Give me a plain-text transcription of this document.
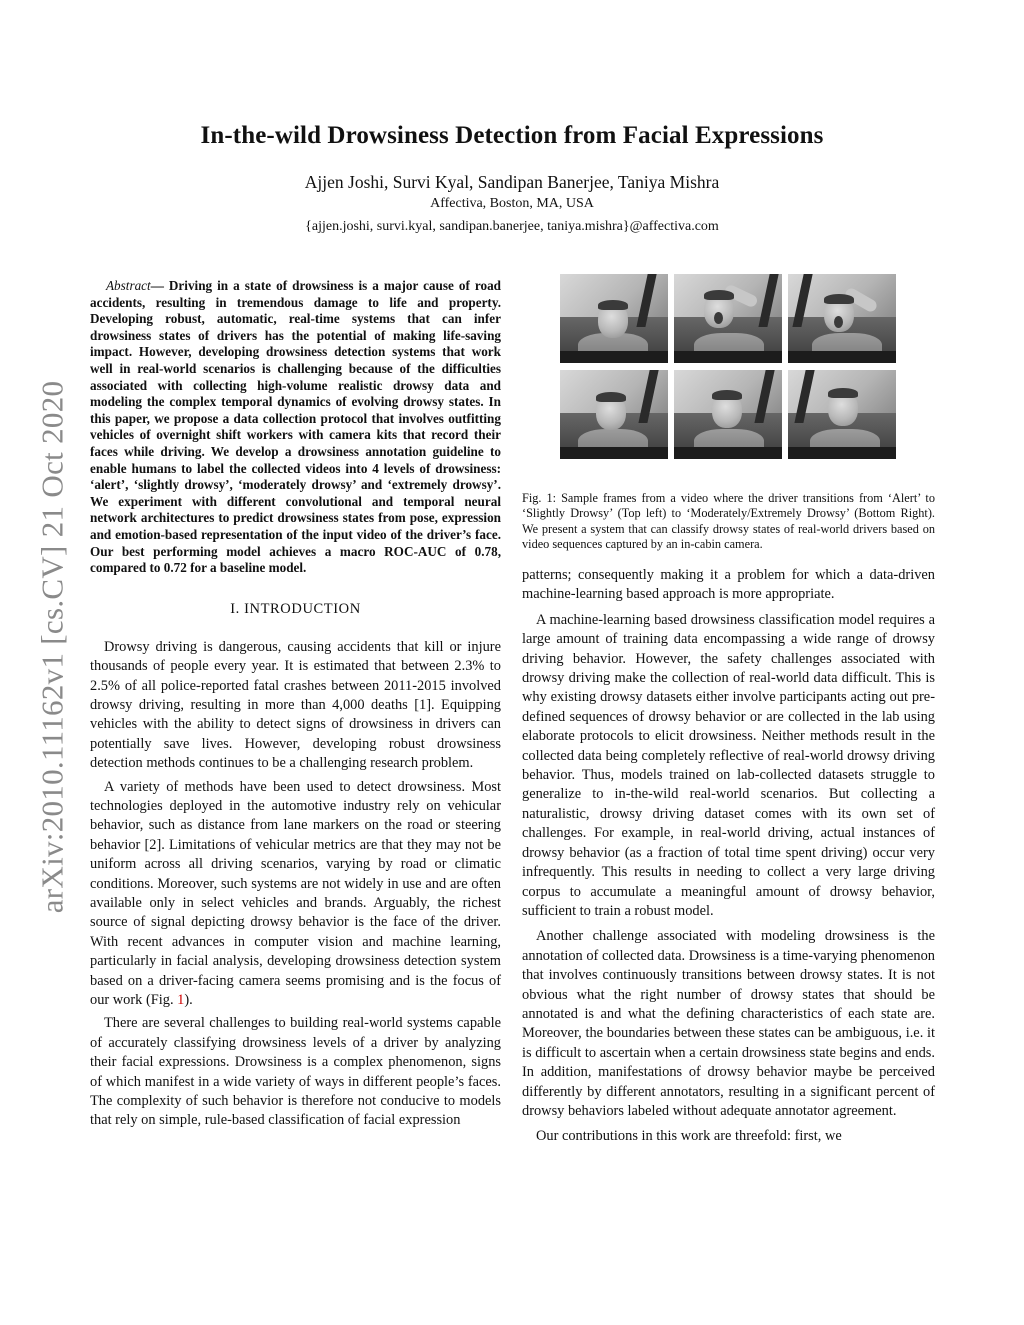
arXiv:2010.11162v1 [cs.CV] 21 Oct 2020
In-the-wild Drowsiness Detection from Facial Expressions
Ajjen Joshi, Survi Kyal, Sandipan Banerjee, Taniya Mishra
Affectiva, Boston, MA, USA
{ajjen.joshi, survi.kyal, sandipan.banerjee, taniya.mishra}@affectiva.com

Abstract— Driving in a state of drowsiness is a major cause of road accidents, resulting in tremendous damage to life and property. Developing robust, automatic, real-time systems that can infer drowsiness states of drivers has the potential of making life-saving impact. However, developing drowsiness detection systems that work well in real-world scenarios is challenging because of the difficulties associated with collecting high-volume realistic drowsy data and modeling the complex temporal dynamics of evolving drowsy states. In this paper, we propose a data collection protocol that involves outfitting vehicles of overnight shift workers with camera kits that record their faces while driving. We develop a drowsiness annotation guideline to enable humans to label the collected videos into 4 levels of drowsiness: ‘alert’, ‘slightly drowsy’, ‘moderately drowsy’ and ‘extremely drowsy’. We experiment with different convolutional and temporal neural network architectures to predict drowsiness states from pose, expression and emotion-based representation of the input video of the driver’s face. Our best performing model achieves a macro ROC-AUC of 0.78, compared to 0.72 for a baseline model.

I. INTRODUCTION

Drowsy driving is dangerous, causing accidents that kill or injure thousands of people every year. It is estimated that between 2.3% to 2.5% of all police-reported fatal crashes between 2011-2015 involved drowsy driving, resulting in more than 4,000 deaths [1]. Equipping vehicles with the ability to detect signs of drowsiness in drivers can potentially save lives. However, developing robust drowsiness detection methods continues to be a challenging research problem.

A variety of methods have been used to detect drowsiness. Most technologies deployed in the automotive industry rely on vehicular behavior, such as distance from lane markers on the road or steering behavior [2]. Limitations of vehicular metrics are that they may not be uniform across all driving scenarios, varying by road or climatic conditions. Moreover, such systems are not widely in use and are often available only in select vehicles and brands. Arguably, the richest source of signal depicting drowsy behavior is the face of the driver. With recent advances in computer vision and machine learning, particularly in facial analysis, developing drowsiness detection system based on a driver-facing camera seems promising and is the focus of our work (Fig. 1).

There are several challenges to building real-world systems capable of accurately classifying drowsiness levels of a driver by analyzing their facial expressions. Drowsiness is a complex phenomenon, signs of which manifest in a wide variety of ways in different people’s faces. The complexity of such behavior is therefore not conducive to models that rely on simple, rule-based classification of facial expression

Fig. 1: Sample frames from a video where the driver transitions from ‘Alert’ to ‘Slightly Drowsy’ (Top left) to ‘Moderately/Extremely Drowsy’ (Bottom Right). We present a system that can classify drowsy states of real-world drivers based on video sequences captured by an in-cabin camera.

patterns; consequently making it a problem for which a data-driven machine-learning based approach is more appropriate.

A machine-learning based drowsiness classification model requires a large amount of training data encompassing a wide range of drowsy driving behavior. However, the safety challenges associated with drowsy driving make the collection of real-world data difficult. This is why existing drowsy datasets either involve participants acting out pre-defined sequences of drowsy behavior or are collected in the lab using elaborate protocols to elicit drowsiness. Neither methods result in the collected data being completely reflective of real-world drowsy driving behavior. Thus, models trained on lab-collected datasets struggle to generalize to in-the-wild real-world scenarios. But collecting a naturalistic, drowsy driving dataset comes with its own set of challenges. For example, in real-world driving, actual instances of drowsy behavior (as a fraction of total time spent driving) occur very infrequently. This results in needing to collect a very large driving corpus to accumulate a meaningful amount of drowsy behavior, sufficient to train a robust model.

Another challenge associated with modeling drowsiness is the annotation of collected data. Drowsiness is a time-varying phenomenon that involves continuously transitions between drowsy states. It is not obvious what the right number of drowsy states that should be annotated is and what the defining characteristics of each state are. Moreover, the boundaries between these states can be ambiguous, i.e. it is difficult to ascertain when a certain drowsiness state begins and ends. In addition, manifestations of drowsy behavior maybe be perceived differently by different annotators, resulting in a significant percent of drowsy behaviors labeled without adequate annotator agreement.

Our contributions in this work are threefold: first, we
